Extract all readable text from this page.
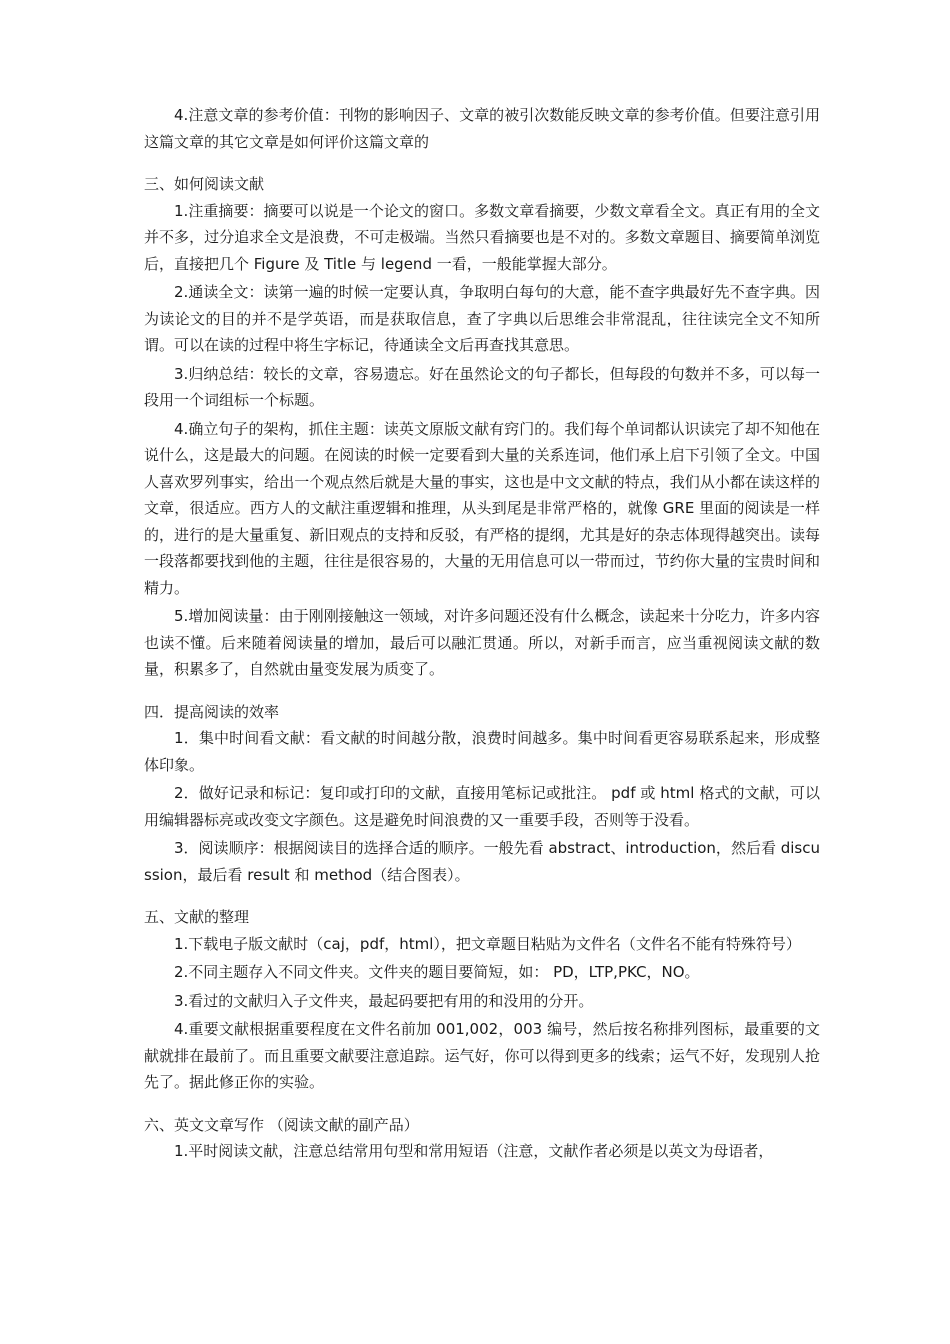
4.注意文章的参考价值：刊物的影响因子、文章的被引次数能反映文章的参考价值。但要注意引用这篇文章的其它文章是如何评价这篇文章的

三、如何阅读文献

1.注重摘要：摘要可以说是一个论文的窗口。多数文章看摘要，少数文章看全文。真正有用的全文并不多，过分追求全文是浪费，不可走极端。当然只看摘要也是不对的。多数文章题目、摘要简单浏览后，直接把几个 Figure 及 Title 与 legend 一看，一般能掌握大部分。

2.通读全文：读第一遍的时候一定要认真，争取明白每句的大意，能不查字典最好先不查字典。因为读论文的目的并不是学英语，而是获取信息，查了字典以后思维会非常混乱，往往读完全文不知所谓。可以在读的过程中将生字标记，待通读全文后再查找其意思。

3.归纳总结：较长的文章，容易遗忘。好在虽然论文的句子都长，但每段的句数并不多，可以每一段用一个词组标一个标题。

4.确立句子的架构，抓住主题：读英文原版文献有窍门的。我们每个单词都认识读完了却不知他在说什么，这是最大的问题。在阅读的时候一定要看到大量的关系连词，他们承上启下引领了全文。中国人喜欢罗列事实，给出一个观点然后就是大量的事实，这也是中文文献的特点，我们从小都在读这样的文章，很适应。西方人的文献注重逻辑和推理，从头到尾是非常严格的，就像 GRE 里面的阅读是一样的，进行的是大量重复、新旧观点的支持和反驳，有严格的提纲，尤其是好的杂志体现得越突出。读每一段落都要找到他的主题，往往是很容易的，大量的无用信息可以一带而过，节约你大量的宝贵时间和精力。

5.增加阅读量：由于刚刚接触这一领域，对许多问题还没有什么概念，读起来十分吃力，许多内容也读不懂。后来随着阅读量的增加，最后可以融汇贯通。所以，对新手而言，应当重视阅读文献的数量，积累多了，自然就由量变发展为质变了。

四．提高阅读的效率

1．集中时间看文献：看文献的时间越分散，浪费时间越多。集中时间看更容易联系起来，形成整体印象。

2．做好记录和标记：复印或打印的文献，直接用笔标记或批注。 pdf 或 html 格式的文献，可以用编辑器标亮或改变文字颜色。这是避免时间浪费的又一重要手段，否则等于没看。

3．阅读顺序：根据阅读目的选择合适的顺序。一般先看 abstract、introduction，然后看 discussion，最后看 result 和 method（结合图表）。

五、文献的整理

1.下载电子版文献时（caj，pdf，html），把文章题目粘贴为文件名（文件名不能有特殊符号）

2.不同主题存入不同文件夹。文件夹的题目要简短，如： PD，LTP,PKC，NO。

3.看过的文献归入子文件夹，最起码要把有用的和没用的分开。

4.重要文献根据重要程度在文件名前加 001,002，003 编号，然后按名称排列图标，最重要的文献就排在最前了。而且重要文献要注意追踪。运气好，你可以得到更多的线索；运气不好，发现别人抢先了。据此修正你的实验。

六、英文文章写作 （阅读文献的副产品）

1.平时阅读文献，注意总结常用句型和常用短语（注意，文献作者必须是以英文为母语者，
